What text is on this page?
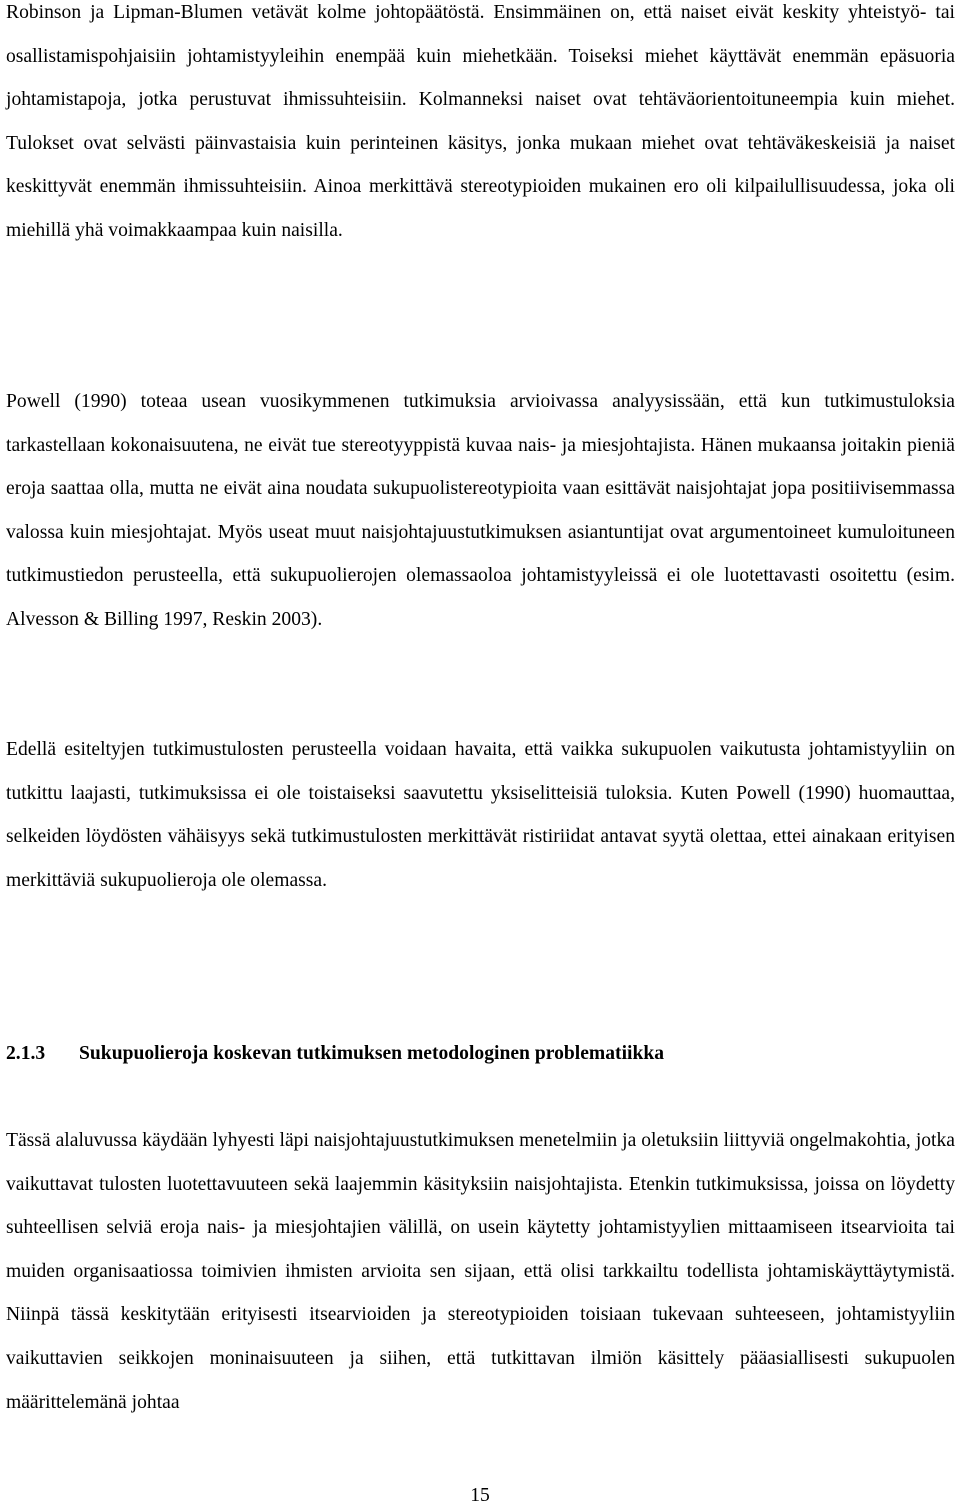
Robinson ja Lipman-Blumen vetävät kolme johtopäätöstä. Ensimmäinen on, että naiset eivät keskity yhteistyö- tai osallistamispohjaisiin johtamistyyleihin enempää kuin miehetkään. Toiseksi miehet käyttävät enemmän epäsuoria johtamistapoja, jotka perustuvat ihmissuhteisiin. Kolmanneksi naiset ovat tehtäväorientoituneempia kuin miehet. Tulokset ovat selvästi päinvastaisia kuin perinteinen käsitys, jonka mukaan miehet ovat tehtäväkeskeisiä ja naiset keskittyvät enemmän ihmissuhteisiin. Ainoa merkittävä stereotypioiden mukainen ero oli kilpailullisuudessa, joka oli miehillä yhä voimakkaampaa kuin naisilla.

Powell (1990) toteaa usean vuosikymmenen tutkimuksia arvioivassa analyysissään, että kun tutkimustuloksia tarkastellaan kokonaisuutena, ne eivät tue stereotyyppistä kuvaa nais- ja miesjohtajista. Hänen mukaansa joitakin pieniä eroja saattaa olla, mutta ne eivät aina noudata sukupuolistereotypioita vaan esittävät naisjohtajat jopa positiivisemmassa valossa kuin miesjohtajat. Myös useat muut naisjohtajuustutkimuksen asiantuntijat ovat argumentoineet kumuloituneen tutkimustiedon perusteella, että sukupuolierojen olemassaoloa johtamistyyleissä ei ole luotettavasti osoitettu (esim. Alvesson & Billing 1997, Reskin 2003).

Edellä esiteltyjen tutkimustulosten perusteella voidaan havaita, että vaikka sukupuolen vaikutusta johtamistyyliin on tutkittu laajasti, tutkimuksissa ei ole toistaiseksi saavutettu yksiselitteisiä tuloksia. Kuten Powell (1990) huomauttaa, selkeiden löydösten vähäisyys sekä tutkimustulosten merkittävät ristiriidat antavat syytä olettaa, ettei ainakaan erityisen merkittäviä sukupuolieroja ole olemassa.

2.1.3 Sukupuolieroja koskevan tutkimuksen metodologinen problematiikka

Tässä alaluvussa käydään lyhyesti läpi naisjohtajuustutkimuksen menetelmiin ja oletuksiin liittyviä ongelmakohtia, jotka vaikuttavat tulosten luotettavuuteen sekä laajemmin käsityksiin naisjohtajista. Etenkin tutkimuksissa, joissa on löydetty suhteellisen selviä eroja nais- ja miesjohtajien välillä, on usein käytetty johtamistyylien mittaamiseen itsearvioita tai muiden organisaatiossa toimivien ihmisten arvioita sen sijaan, että olisi tarkkailtu todellista johtamiskäyttäytymistä. Niinpä tässä keskitytään erityisesti itsearvioiden ja stereotypioiden toisiaan tukevaan suhteeseen, johtamistyyliin vaikuttavien seikkojen moninaisuuteen ja siihen, että tutkittavan ilmiön käsittely pääasiallisesti sukupuolen määrittelemänä johtaa

15
